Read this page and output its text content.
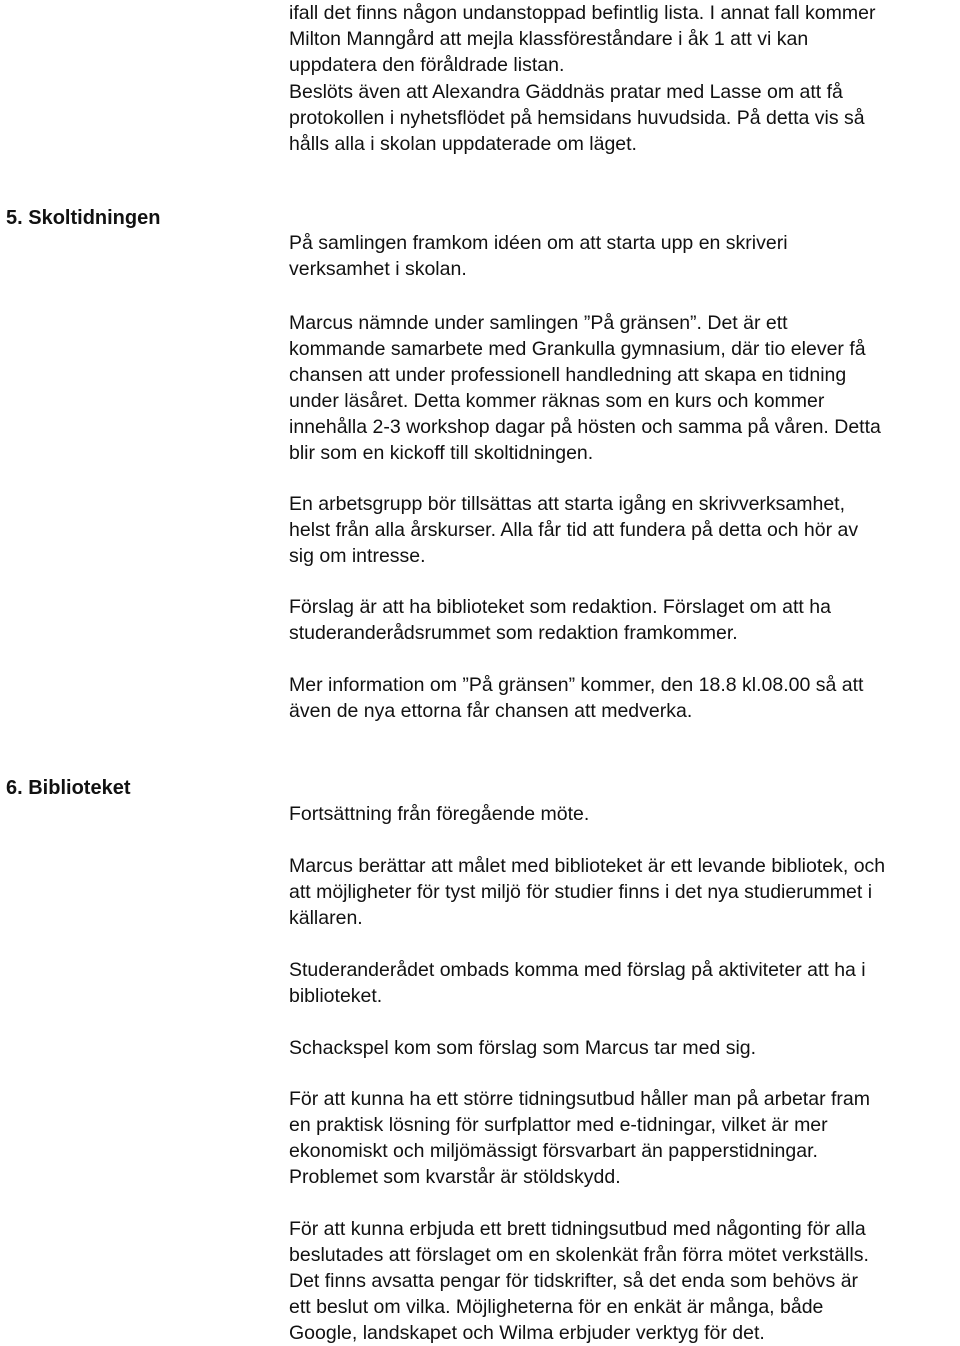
ifall det finns någon undanstoppad befintlig lista. I annat fall kommer
Milton Manngård att mejla klassföreståndare i åk 1 att vi kan
uppdatera den föråldrade listan.

Beslöts även att Alexandra Gäddnäs pratar med Lasse om att få
protokollen i nyhetsflödet på hemsidans huvudsida. På detta vis så
hålls alla i skolan uppdaterade om läget.

5. Skoltidningen

På samlingen framkom idéen om att starta upp en skriveri
verksamhet i skolan.

Marcus nämnde under samlingen ”På gränsen”. Det är ett
kommande samarbete med Grankulla gymnasium, där tio elever få
chansen att under professionell handledning att skapa en tidning
under läsåret. Detta kommer räknas som en kurs och kommer
innehålla 2-3 workshop dagar på hösten och samma på våren. Detta
blir som en kickoff till skoltidningen.

En arbetsgrupp bör tillsättas att starta igång en skrivverksamhet,
helst från alla årskurser. Alla får tid att fundera på detta och hör av
sig om intresse.

Förslag är att ha biblioteket som redaktion. Förslaget om att ha
studeranderådsrummet som redaktion framkommer.

Mer information om ”På gränsen” kommer, den 18.8 kl.08.00 så att
även de nya ettorna får chansen att medverka.

6. Biblioteket

Fortsättning från föregående möte.

Marcus berättar att målet med biblioteket är ett levande bibliotek, och
att möjligheter för tyst miljö för studier finns i det nya studierummet i
källaren.

Studeranderådet ombads komma med förslag på aktiviteter att ha i
biblioteket.

Schackspel kom som förslag som Marcus tar med sig.

För att kunna ha ett större tidningsutbud håller man på arbetar fram
en praktisk lösning för surfplattor med e-tidningar, vilket är mer
ekonomiskt och miljömässigt försvarbart än papperstidningar.
Problemet som kvarstår är stöldskydd.

För att kunna erbjuda ett brett tidningsutbud med någonting för alla
beslutades att förslaget om en skolenkät från förra mötet verkställs.
Det finns avsatta pengar för tidskrifter, så det enda som behövs är
ett beslut om vilka. Möjligheterna för en enkät är många, både
Google, landskapet och Wilma erbjuder verktyg för det.
